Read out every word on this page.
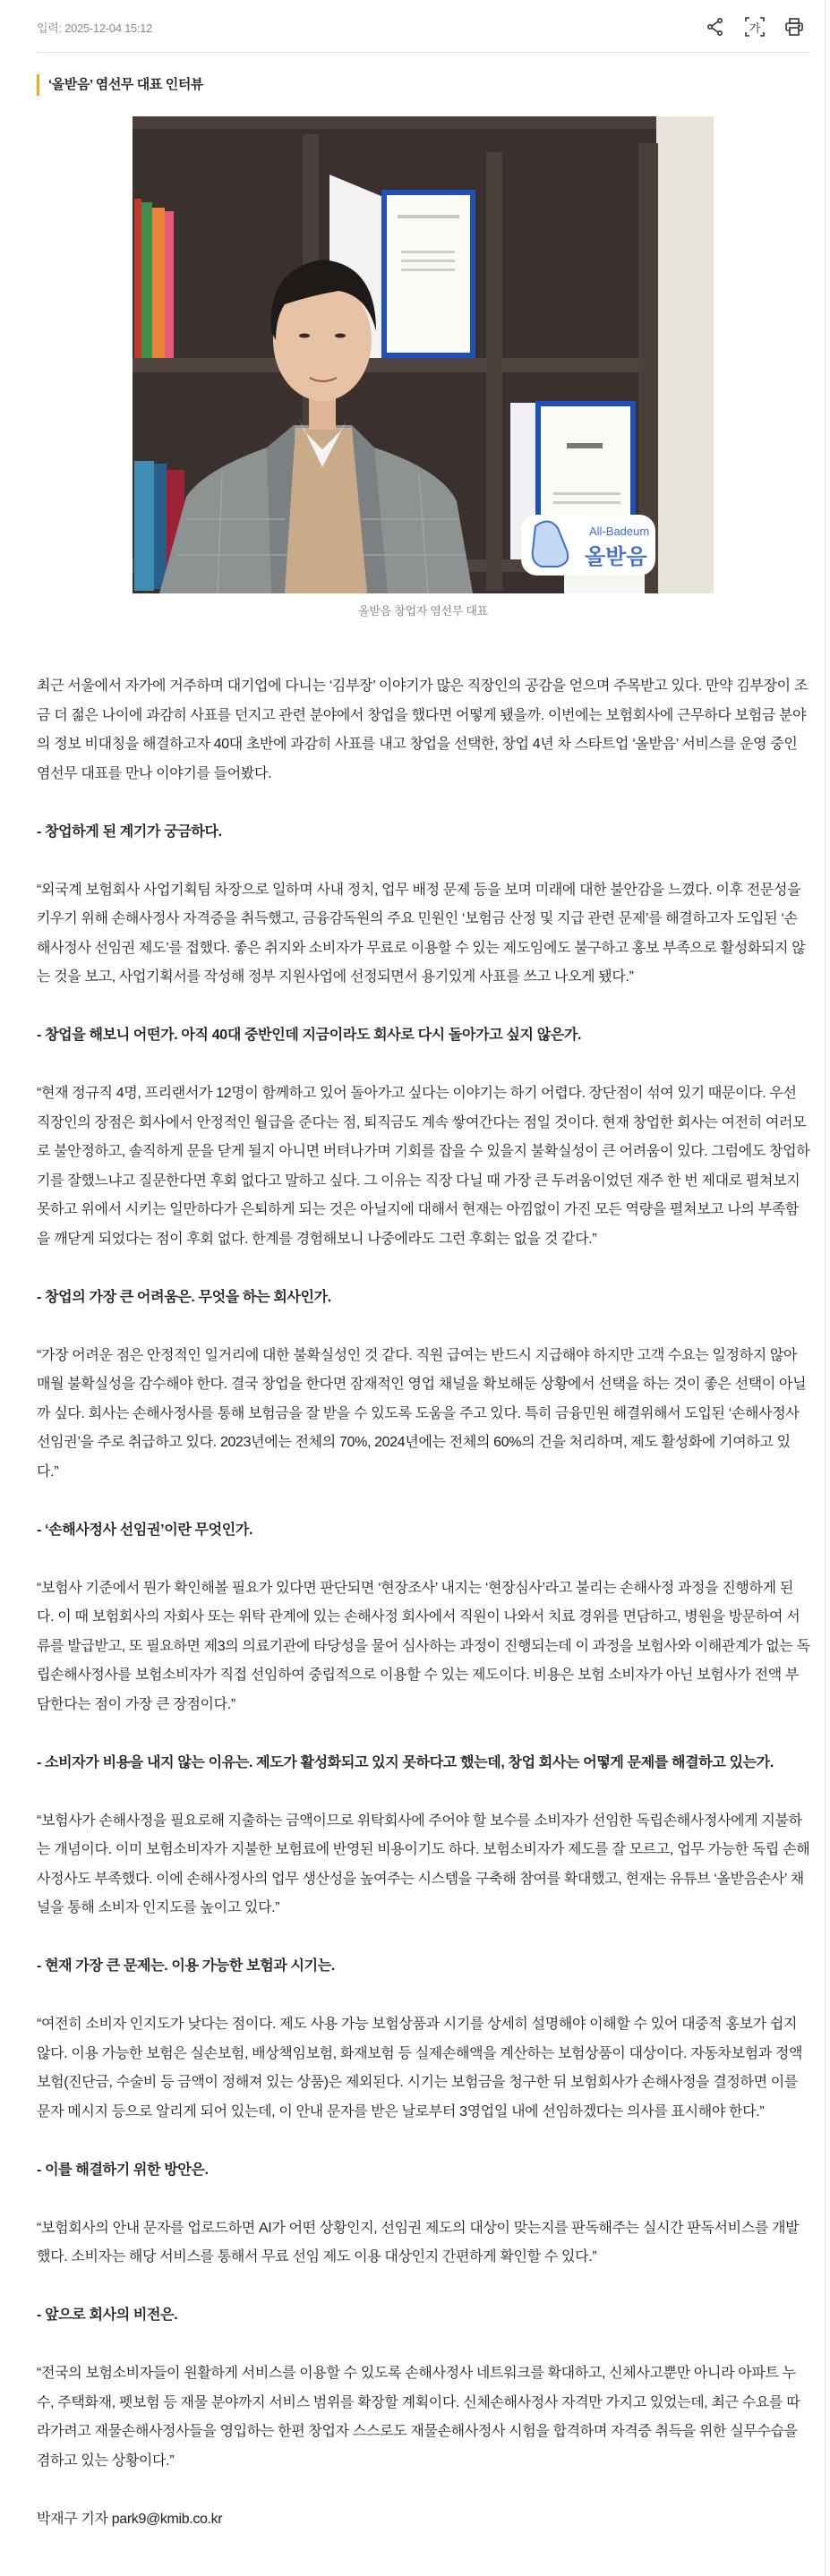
입력: 2025-12-04 15:12	가
‘올받음’ 염선무 대표 인터뷰
All-Badeum
올받음
올받음 창업자 염선무 대표

최근 서울에서 자가에 거주하며 대기업에 다니는 ‘김부장’ 이야기가 많은 직장인의 공감을 얻으며 주목받고 있다. 만약 김부장이 조금 더 젊은 나이에 과감히 사표를 던지고 관련 분야에서 창업을 했다면 어떻게 됐을까. 이번에는 보험회사에 근무하다 보험금 분야의 정보 비대칭을 해결하고자 40대 초반에 과감히 사표를 내고 창업을 선택한, 창업 4년 차 스타트업 ‘올받음’ 서비스를 운영 중인 염선무 대표를 만나 이야기를 들어봤다.

- 창업하게 된 계기가 궁금하다.

“외국계 보험회사 사업기획팀 차장으로 일하며 사내 정치, 업무 배정 문제 등을 보며 미래에 대한 불안감을 느꼈다. 이후 전문성을 키우기 위해 손해사정사 자격증을 취득했고, 금융감독원의 주요 민원인 ‘보험금 산정 및 지급 관련 문제’를 해결하고자 도입된 ‘손해사정사 선임권 제도’를 접했다. 좋은 취지와 소비자가 무료로 이용할 수 있는 제도임에도 불구하고 홍보 부족으로 활성화되지 않는 것을 보고, 사업기획서를 작성해 정부 지원사업에 선정되면서 용기있게 사표를 쓰고 나오게 됐다.”

- 창업을 해보니 어떤가. 아직 40대 중반인데 지금이라도 회사로 다시 돌아가고 싶지 않은가.

“현재 정규직 4명, 프리랜서가 12명이 함께하고 있어 돌아가고 싶다는 이야기는 하기 어렵다. 장단점이 섞여 있기 때문이다. 우선 직장인의 장점은 회사에서 안정적인 월급을 준다는 점, 퇴직금도 계속 쌓여간다는 점일 것이다. 현재 창업한 회사는 여전히 여러모로 불안정하고, 솔직하게 문을 닫게 될지 아니면 버텨나가며 기회를 잡을 수 있을지 불확실성이 큰 어려움이 있다. 그럼에도 창업하기를 잘했느냐고 질문한다면 후회 없다고 말하고 싶다. 그 이유는 직장 다닐 때 가장 큰 두려움이었던 재주 한 번 제대로 펼쳐보지 못하고 위에서 시키는 일만하다가 은퇴하게 되는 것은 아닐지에 대해서 현재는 아낌없이 가진 모든 역량을 펼쳐보고 나의 부족함을 깨닫게 되었다는 점이 후회 없다. 한계를 경험해보니 나중에라도 그런 후회는 없을 것 같다.”

- 창업의 가장 큰 어려움은. 무엇을 하는 회사인가.

“가장 어려운 점은 안정적인 일거리에 대한 불확실성인 것 같다. 직원 급여는 반드시 지급해야 하지만 고객 수요는 일정하지 않아 매월 불확실성을 감수해야 한다. 결국 창업을 한다면 잠재적인 영업 채널을 확보해둔 상황에서 선택을 하는 것이 좋은 선택이 아닐까 싶다. 회사는 손해사정사를 통해 보험금을 잘 받을 수 있도록 도움을 주고 있다. 특히 금융민원 해결위해서 도입된 ‘손해사정사 선임권’을 주로 취급하고 있다. 2023년에는 전체의 70%, 2024년에는 전체의 60%의 건을 처리하며, 제도 활성화에 기여하고 있다.”

- ‘손해사정사 선임권’이란 무엇인가.

“보험사 기준에서 뭔가 확인해볼 필요가 있다면 판단되면 ‘현장조사’ 내지는 ‘현장심사’라고 불리는 손해사정 과정을 진행하게 된다. 이 때 보험회사의 자회사 또는 위탁 관계에 있는 손해사정 회사에서 직원이 나와서 치료 경위를 면담하고, 병원을 방문하여 서류를 발급받고, 또 필요하면 제3의 의료기관에 타당성을 물어 심사하는 과정이 진행되는데 이 과정을 보험사와 이해관계가 없는 독립손해사정사를 보험소비자가 직접 선임하여 중립적으로 이용할 수 있는 제도이다. 비용은 보험 소비자가 아닌 보험사가 전액 부담한다는 점이 가장 큰 장점이다.”

- 소비자가 비용을 내지 않는 이유는. 제도가 활성화되고 있지 못하다고 했는데, 창업 회사는 어떻게 문제를 해결하고 있는가.

“보험사가 손해사정을 필요로해 지출하는 금액이므로 위탁회사에 주어야 할 보수를 소비자가 선임한 독립손해사정사에게 지불하는 개념이다. 이미 보험소비자가 지불한 보험료에 반영된 비용이기도 하다. 보험소비자가 제도를 잘 모르고, 업무 가능한 독립 손해사정사도 부족했다. 이에 손해사정사의 업무 생산성을 높여주는 시스템을 구축해 참여를 확대했고, 현재는 유튜브 ‘올받음손사’ 채널을 통해 소비자 인지도를 높이고 있다.”

- 현재 가장 큰 문제는. 이용 가능한 보험과 시기는.

“여전히 소비자 인지도가 낮다는 점이다. 제도 사용 가능 보험상품과 시기를 상세히 설명해야 이해할 수 있어 대중적 홍보가 쉽지 않다. 이용 가능한 보험은 실손보험, 배상책임보험, 화재보험 등 실제손해액을 계산하는 보험상품이 대상이다. 자동차보험과 정액보험(진단금, 수술비 등 금액이 정해져 있는 상품)은 제외된다. 시기는 보험금을 청구한 뒤 보험회사가 손해사정을 결정하면 이를 문자 메시지 등으로 알리게 되어 있는데, 이 안내 문자를 받은 날로부터 3영업일 내에 선임하겠다는 의사를 표시해야 한다.”

- 이를 해결하기 위한 방안은.

“보험회사의 안내 문자를 업로드하면 AI가 어떤 상황인지, 선임권 제도의 대상이 맞는지를 판독해주는 실시간 판독서비스를 개발했다. 소비자는 해당 서비스를 통해서 무료 선임 제도 이용 대상인지 간편하게 확인할 수 있다.”

- 앞으로 회사의 비전은.

“전국의 보험소비자들이 원활하게 서비스를 이용할 수 있도록 손해사정사 네트워크를 확대하고, 신체사고뿐만 아니라 아파트 누수, 주택화재, 펫보험 등 재물 분야까지 서비스 범위를 확장할 계획이다. 신체손해사정사 자격만 가지고 있었는데, 최근 수요를 따라가려고 재물손해사정사들을 영입하는 한편 창업자 스스로도 재물손해사정사 시험을 합격하며 자격증 취득을 위한 실무수습을 겸하고 있는 상황이다.”

박재구 기자 park9@kmib.co.kr
